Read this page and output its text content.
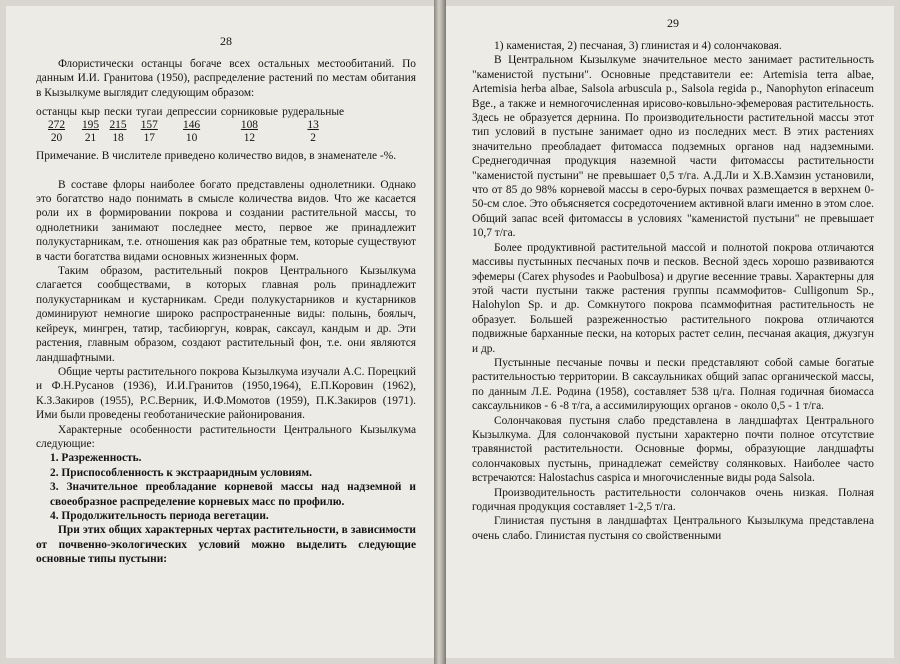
28

Флористически останцы богаче всех остальных местообитаний. По данным И.И. Гранитова (1950), распределение растений по местам обитания в Кызылкуме выглядит следующим образом:

останцы	кыр	пески	тугаи	депрессии	сорниковые	рудеральные
272	195	215	157	146	108	13
20	21	18	17	10	12	2

Примечание. В числителе приведено количество видов, в знаменателе -%.

В составе флоры наиболее богато представлены однолетники. Однако это богатство надо понимать в смысле количества видов. Что же касается роли их в формировании покрова и создании растительной массы, то однолетники занимают последнее место, первое же принадлежит полукустарникам, т.е. отношения как раз обратные тем, которые существуют в части богатства видами основных жизненных форм.

Таким образом, растительный покров Центрального Кызылкума слагается сообществами, в которых главная роль принадлежит полукустарникам и кустарникам. Среди полукустарников и кустарников доминируют немногие широко распространенные виды: полынь, боялыч, кейреук, мингрен, татир, тасбиюргун, коврак, саксаул, кандым и др. Эти растения, главным образом, создают растительный фон, т.е. они являются ландшафтными.

Общие черты растительного покрова Кызылкума изучали А.С. Порецкий и Ф.Н.Русанов (1936), И.И.Гранитов (1950,1964), Е.П.Коровин (1962), К.З.Закиров (1955), Р.С.Верник, И.Ф.Момотов (1959), П.К.Закиров (1971). Ими были проведены геоботанические районирования.

Характерные особенности растительности Центрального Кызылкума следующие:

1. Разреженность.
2. Приспособленность к экстрааридным условиям.
3. Значительное преобладание корневой массы над надземной и своеобразное распределение корневых масс по профилю.
4. Продолжительность периода вегетации.

При этих общих характерных чертах растительности, в зависимости от почвенно-экологических условий можно выделить следующие основные типы пустыни:

29

1) каменистая, 2) песчаная, 3) глинистая и 4) солончаковая.

В Центральном Кызылкуме значительное место занимает растительность "каменистой пустыни". Основные представители ее: Artemisia terra albae, Artemisia herba albae, Salsola arbuscula p., Salsola regida p., Nanophyton erinaceum Bge., а также и немногочисленная ирисово-ковыльно-эфемеровая растительность. Здесь не образуется дернина. По производительности растительной массы этот тип условий в пустыне занимает одно из последних мест. В этих растениях значительно преобладает фитомасса подземных органов над надземными. Среднегодичная продукция наземной части фитомассы растительности "каменистой пустыни" не превышает 0,5 т/га. А.Д.Ли и Х.В.Хамзин установили, что от 85 до 98% корневой массы в серо-бурых почвах размещается в верхнем 0-50-см слое. Это объясняется сосредоточением активной влаги именно в этом слое. Общий запас всей фитомассы в условиях "каменистой пустыни" не превышает 10,7 т/га.

Более продуктивной растительной массой и полнотой покрова отличаются массивы пустынных песчаных почв и песков. Весной здесь хорошо развиваются эфемеры (Carex physodes и Paobulbosa) и другие весенние травы. Характерны для этой части пустыни также растения группы псаммофитов- Culligonum Sp., Halohylon Sp. и др. Сомкнутого покрова псаммофитная растительность не образует. Большей разреженностью растительного покрова отличаются подвижные барханные пески, на которых растет селин, песчаная акация, джузгун и др.

Пустынные песчаные почвы и пески представляют собой самые богатые растительностью территории. В саксаульниках общий запас органической массы, по данным Л.Е. Родина (1958), составляет 538 ц/га. Полная годичная биомасса саксаульников - 6 -8 т/га, а ассимилирующих органов - около 0,5 - 1 т/га.

Солончаковая пустыня слабо представлена в ландшафтах Центрального Кызылкума. Для солончаковой пустыни характерно почти полное отсутствие травянистой растительности. Основные формы, образующие ландшафты солончаковых пустынь, принадлежат семейству солянковых. Наиболее часто встречаются: Halostachus caspica и многочисленные виды рода Salsola.

Производительность растительности солончаков очень низкая. Полная годичная продукция составляет 1-2,5 т/га.

Глинистая пустыня в ландшафтах Центрального Кызылкума представлена очень слабо. Глинистая пустыня со свойственными
